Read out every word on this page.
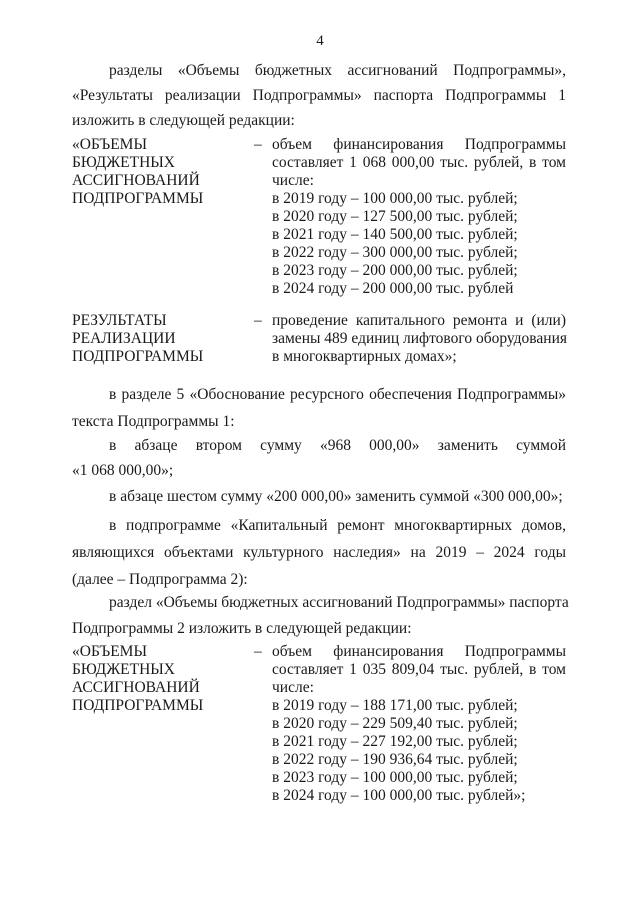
4
разделы «Объемы бюджетных ассигнований Подпрограммы»,
«Результаты реализации Подпрограммы» паспорта Подпрограммы 1
изложить в следующей редакции:
«ОБЪЕМЫ
БЮДЖЕТНЫХ
АССИГНОВАНИЙ
ПОДПРОГРАММЫ
– объем финансирования Подпрограммы
составляет 1 068 000,00 тыс. рублей, в том
числе:
в 2019 году – 100 000,00 тыс. рублей;
в 2020 году – 127 500,00 тыс. рублей;
в 2021 году – 140 500,00 тыс. рублей;
в 2022 году – 300 000,00 тыс. рублей;
в 2023 году – 200 000,00 тыс. рублей;
в 2024 году – 200 000,00 тыс. рублей
РЕЗУЛЬТАТЫ
РЕАЛИЗАЦИИ
ПОДПРОГРАММЫ
– проведение капитального ремонта и (или)
замены 489 единиц лифтового оборудования
в многоквартирных домах»;
в разделе 5 «Обоснование ресурсного обеспечения Подпрограммы»
текста Подпрограммы 1:
в абзаце втором сумму «968 000,00» заменить суммой
«1 068 000,00»;
в абзаце шестом сумму «200 000,00» заменить суммой «300 000,00»;
в подпрограмме «Капитальный ремонт многоквартирных домов,
являющихся объектами культурного наследия» на 2019 – 2024 годы
(далее – Подпрограмма 2):
раздел «Объемы бюджетных ассигнований Подпрограммы» паспорта
Подпрограммы 2 изложить в следующей редакции:
«ОБЪЕМЫ
БЮДЖЕТНЫХ
АССИГНОВАНИЙ
ПОДПРОГРАММЫ
– объем финансирования Подпрограммы
составляет 1 035 809,04 тыс. рублей, в том
числе:
в 2019 году – 188 171,00 тыс. рублей;
в 2020 году – 229 509,40 тыс. рублей;
в 2021 году – 227 192,00 тыс. рублей;
в 2022 году – 190 936,64 тыс. рублей;
в 2023 году – 100 000,00 тыс. рублей;
в 2024 году – 100 000,00 тыс. рублей»;
